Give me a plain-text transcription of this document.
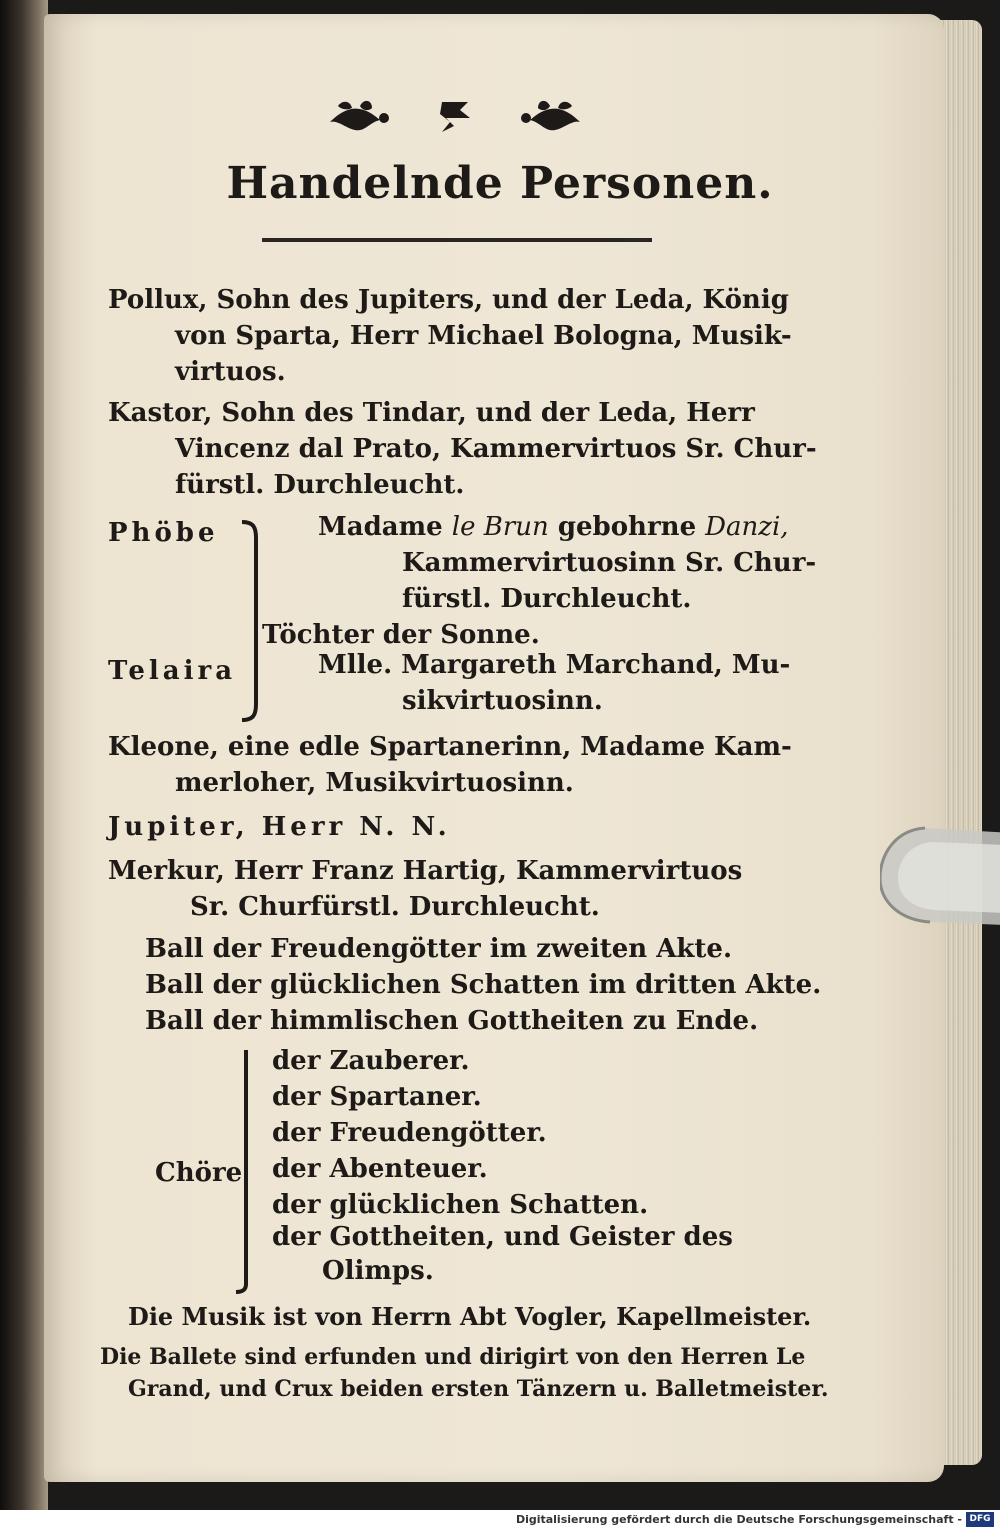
Handelnde Personen.
Pollux, Sohn des Jupiters, und der Leda, König
von Sparta, Herr Michael Bologna, Musik-
virtuos.
Kastor, Sohn des Tindar, und der Leda, Herr
Vincenz dal Prato, Kammervirtuos Sr. Chur-
fürstl. Durchleucht.
Phöbe	Madame le Brun gebohrne Danzi,
Kammervirtuosinn Sr. Chur-
fürstl. Durchleucht.
Töchter der Sonne.
Telaira	Mlle. Margareth Marchand, Mu-
sikvirtuosinn.
Kleone, eine edle Spartanerinn, Madame Kam-
merloher, Musikvirtuosinn.
Jupiter, Herr N. N.
Merkur, Herr Franz Hartig, Kammervirtuos
Sr. Churfürstl. Durchleucht.
Ball der Freudengötter im zweiten Akte.
Ball der glücklichen Schatten im dritten Akte.
Ball der himmlischen Gottheiten zu Ende.
Chöre
der Zauberer.
der Spartaner.
der Freudengötter.
der Abenteuer.
der glücklichen Schatten.
der Gottheiten, und Geister des
Olimps.
Die Musik ist von Herrn Abt Vogler, Kapellmeister.
Die Ballete sind erfunden und dirigirt von den Herren Le
Grand, und Crux beiden ersten Tänzern u. Balletmeister.
Digitalisierung gefördert durch die Deutsche Forschungsgemeinschaft - DFG
